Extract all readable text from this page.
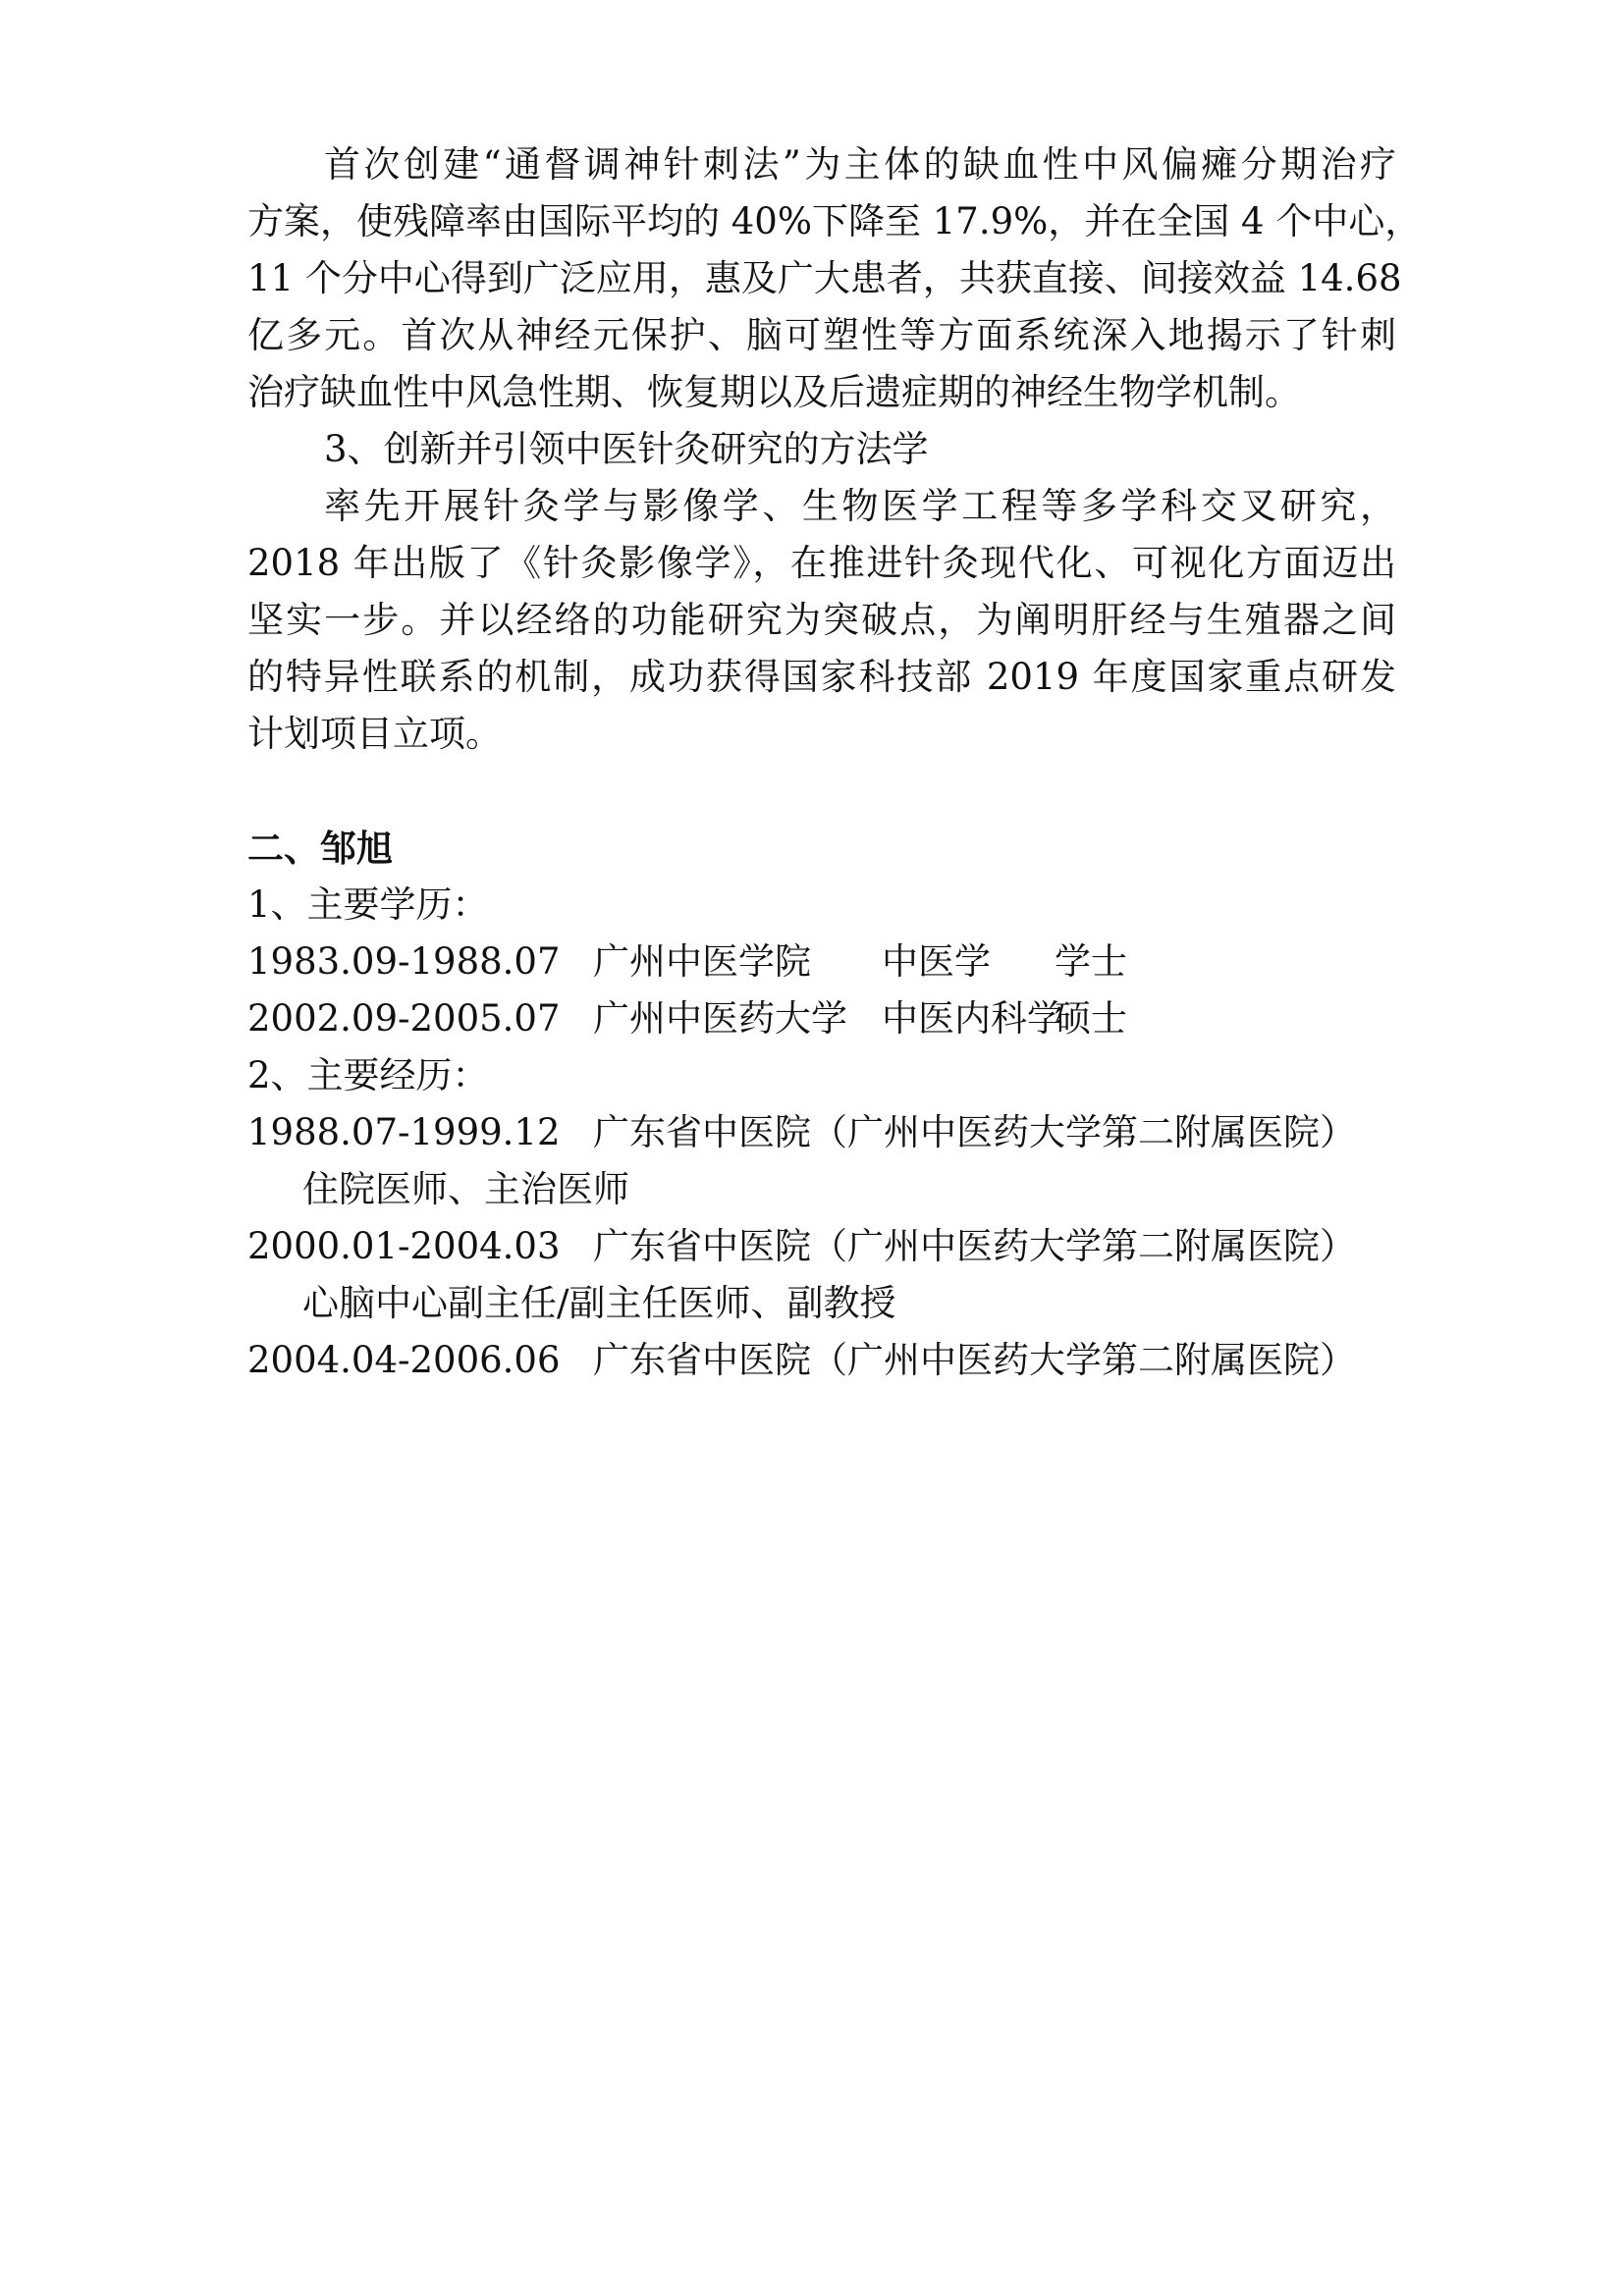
首次创建“通督调神针刺法”为主体的缺血性中风偏瘫分期治疗
方案，使残障率由国际平均的 40%下降至 17.9%，并在全国 4 个中心，
11 个分中心得到广泛应用，惠及广大患者，共获直接、间接效益 14.68
亿多元。首次从神经元保护、脑可塑性等方面系统深入地揭示了针刺
治疗缺血性中风急性期、恢复期以及后遗症期的神经生物学机制。
3、创新并引领中医针灸研究的方法学
率先开展针灸学与影像学、生物医学工程等多学科交叉研究，
2018 年出版了《针灸影像学》，在推进针灸现代化、可视化方面迈出
坚实一步。并以经络的功能研究为突破点，为阐明肝经与生殖器之间
的特异性联系的机制，成功获得国家科技部 2019 年度国家重点研发
计划项目立项。
二、邹旭
1、主要学历：
1983.09-1988.07 广州中医学院 中医学 学士
2002.09-2005.07 广州中医药大学 中医内科学
硕士
2、主要经历：
1988.07-1999.12 广东省中医院（广州中医药大学第二附属医院）
住院医师、主治医师
2000.01-2004.03 广东省中医院（广州中医药大学第二附属医院）
心脑中心副主任/副主任医师、副教授
2004.04-2006.06 广东省中医院（广州中医药大学第二附属医院）
